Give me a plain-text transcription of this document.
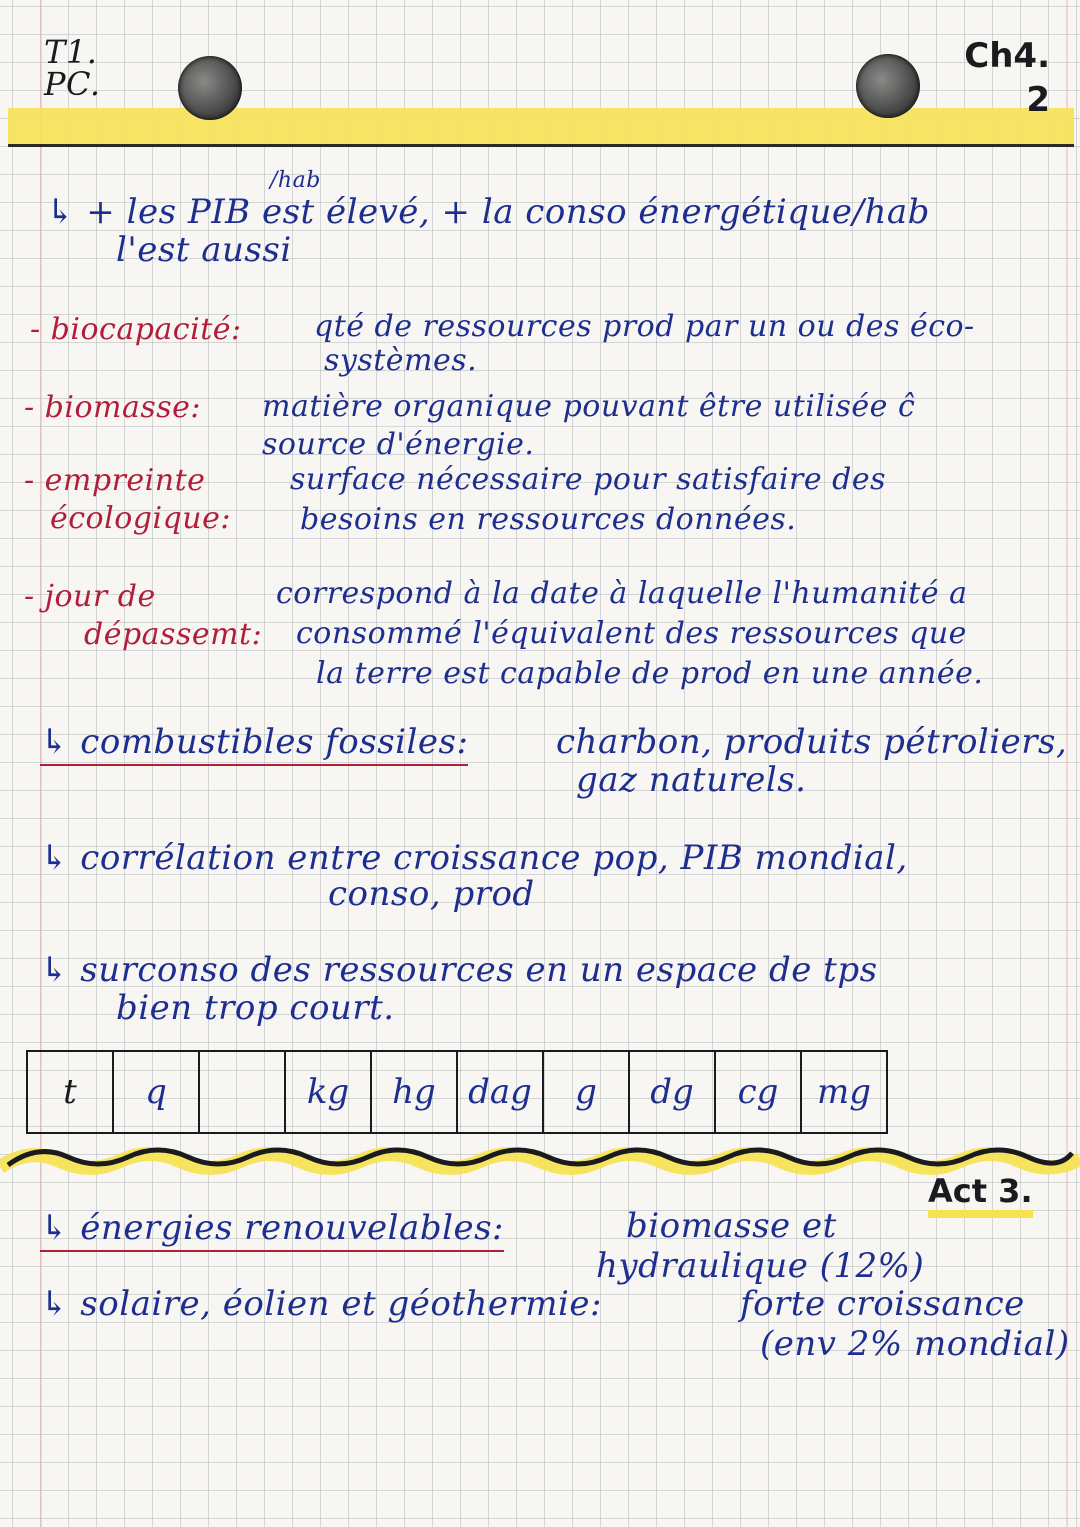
T1.
PC.
Ch4.
2
/hab
↳ + les PIB est élevé, + la conso énergétique/hab
l'est aussi
- biocapacité: qté de ressources prod par un ou des éco-
systèmes.
- biomasse: matière organique pouvant être utilisée ĉ
source d'énergie.
- empreinte
écologique:
surface nécessaire pour satisfaire des
besoins en ressources données.
- jour de
dépassemt:
correspond à la date à laquelle l'humanité a
consommé l'équivalent des ressources que
la terre est capable de prod en une année.
↳ combustibles fossiles:	charbon, produits pétroliers,
gaz naturels.
↳ corrélation entre croissance pop, PIB mondial,
conso, prod
↳ surconso des ressources en un espace de tps
bien trop court.
t	q		kg	hg	dag	g	dg	cg	mg
Act 3.
↳ énergies renouvelables:	biomasse et
hydraulique (12%)
↳ solaire, éolien et géothermie:	forte croissance
(env 2% mondial)
